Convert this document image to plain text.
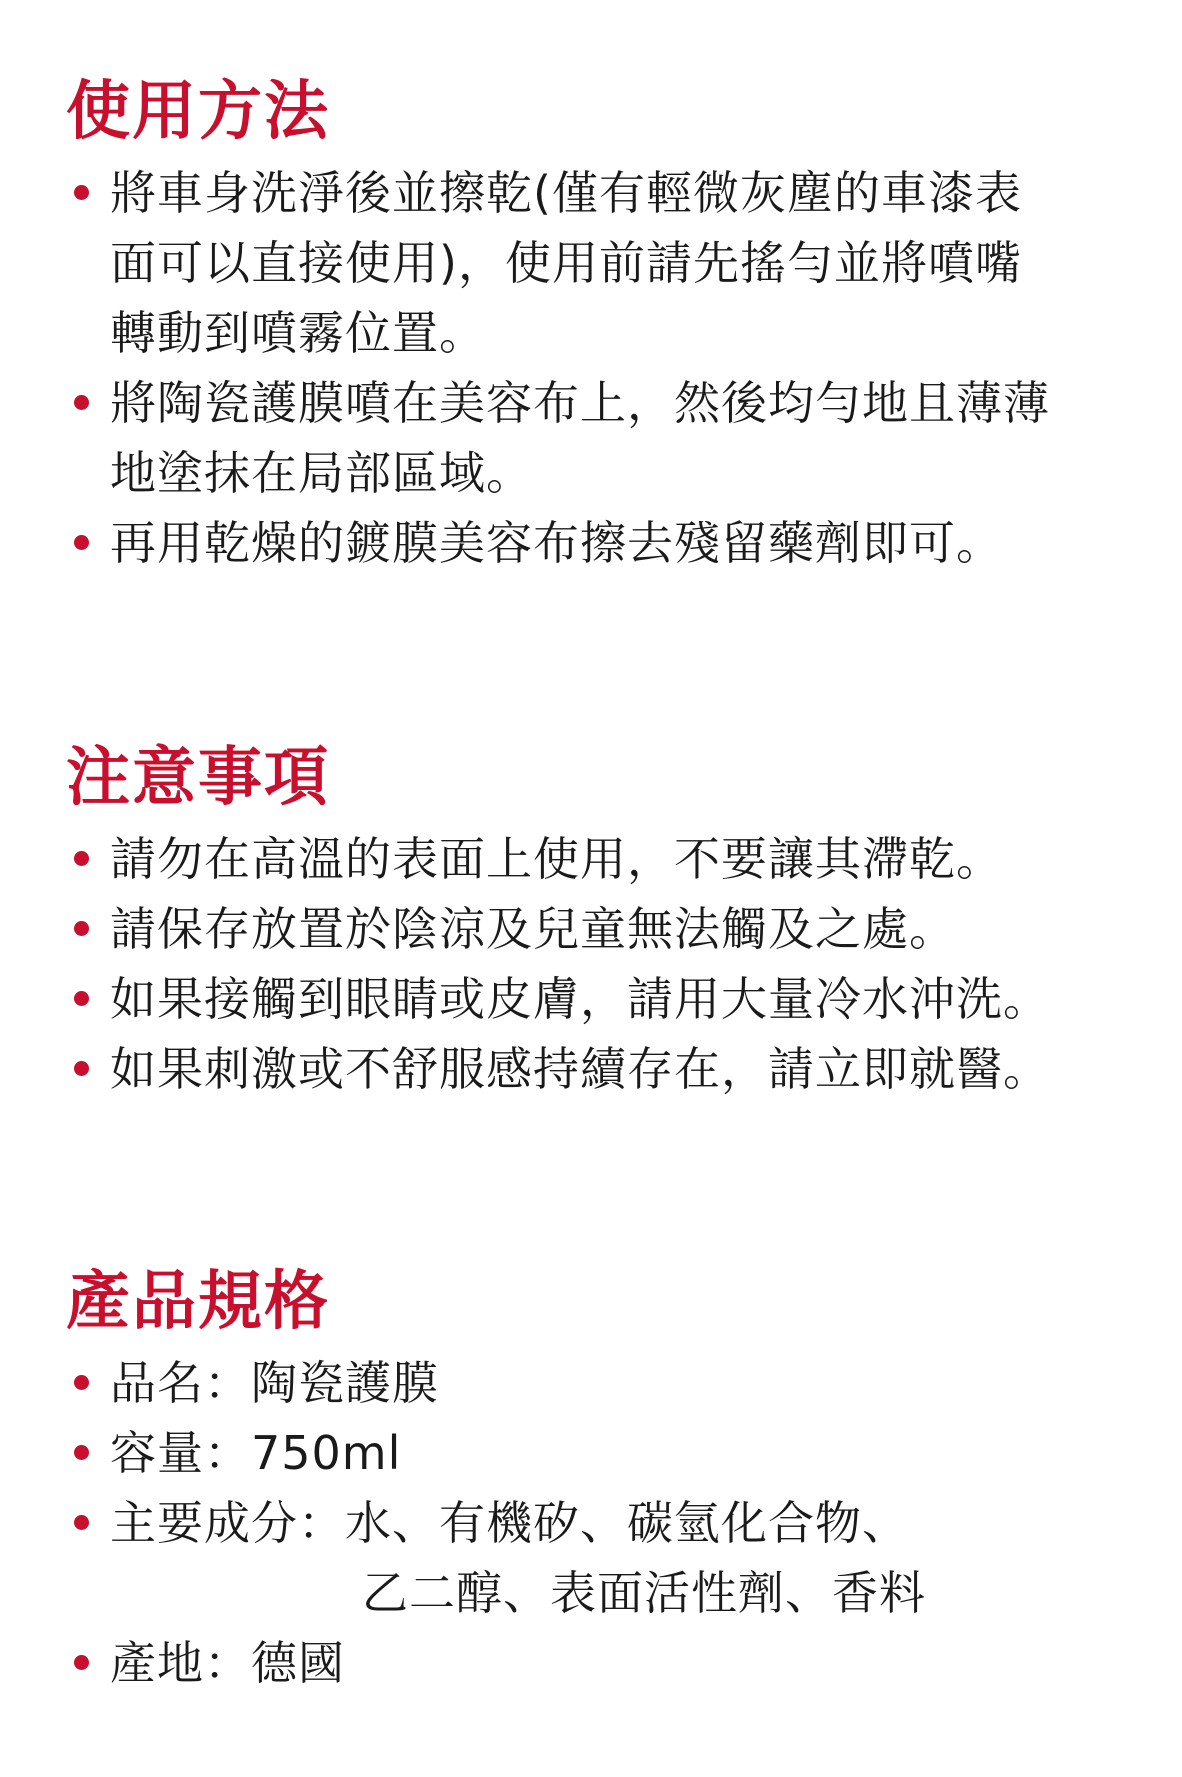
使用方法
將車身洗淨後並擦乾(僅有輕微灰塵的車漆表
面可以直接使用)，使用前請先搖勻並將噴嘴
轉動到噴霧位置。
將陶瓷護膜噴在美容布上，然後均勻地且薄薄
地塗抹在局部區域。
再用乾燥的鍍膜美容布擦去殘留藥劑即可。
注意事項
請勿在高溫的表面上使用，不要讓其滯乾。
請保存放置於陰涼及兒童無法觸及之處。
如果接觸到眼睛或皮膚，請用大量冷水沖洗。
如果刺激或不舒服感持續存在，請立即就醫。
產品規格
品名：陶瓷護膜
容量：750ml
主要成分：水、有機矽、碳氫化合物、
乙二醇、表面活性劑、香料
產地：德國
